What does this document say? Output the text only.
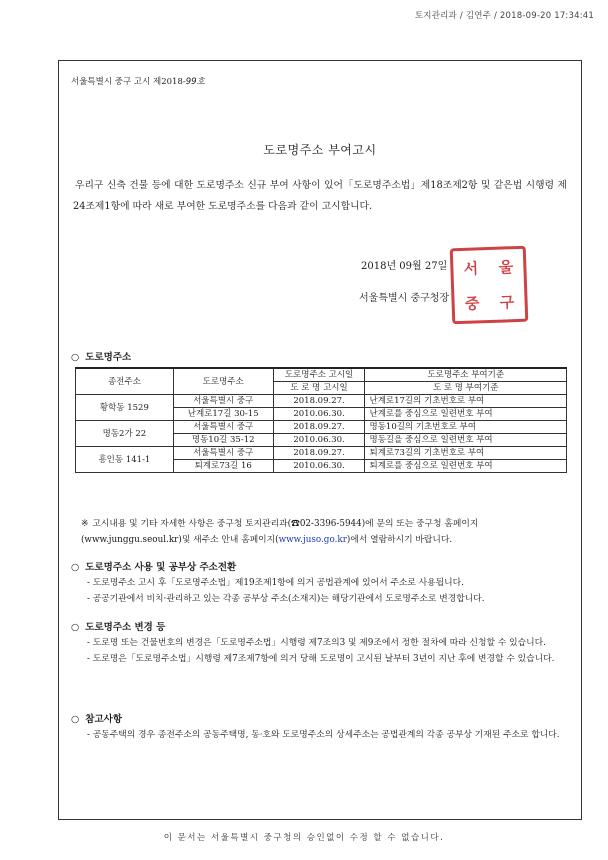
토지관리과 / 김연주 / 2018-09-20 17:34:41
서울특별시 중구 고시 제2018-99호
도로명주소 부여고시
우리구 신축 건물 등에 대한 도로명주소 신규 부여 사항이 있어「도로명주소법」제18조제2항 및 같은법 시행령 제24조제1항에 따라 새로 부여한 도로명주소를 다음과 같이 고시합니다.
2018년 09월 27일
서울특별시 중구청장
서 울
중 구
○ 도로명주소
종전주소	도로명주소	도로명주소 고시일	도로명주소 부여기준
		도 로 명 고시일	도 로 명 부여기준
황학동 1529	서울특별시 중구	2018.09.27.	난계로17길의 기초번호로 부여
	난계로17길 30-15	2010.06.30.	난계로를 중심으로 일련번호 부여
명동2가 22	서울특별시 중구	2018.09.27.	명동10길의 기초번호로 부여
	명동10길 35-12	2010.06.30.	명동길을 중심으로 일련번호 부여
흥인동 141-1	서울특별시 중구	2018.09.27.	퇴계로73길의 기초번호로 부여
	퇴계로73길 16	2010.06.30.	퇴계로를 중심으로 일련번호 부여
※ 고시내용 및 기타 자세한 사항은 중구청 토지관리과(☎02-3396-5944)에 문의 또는 중구청 홈페이지(www.junggu.seoul.kr)및 새주소 안내 홈페이지(www.juso.go.kr)에서 열람하시기 바랍니다.
○ 도로명주소 사용 및 공부상 주소전환
- 도로명주소 고시 후「도로명주소법」제19조제1항에 의거 공법관계에 있어서 주소로 사용됩니다.
- 공공기관에서 비치·관리하고 있는 각종 공부상 주소(소재지)는 해당기관에서 도로명주소로 변경합니다.
○ 도로명주소 변경 등
- 도로명 또는 건물번호의 변경은「도로명주소법」시행령 제7조의3 및 제9조에서 정한 절차에 따라 신청할 수 있습니다.
- 도로명은「도로명주소법」시행령 제7조제7항에 의거 당해 도로명이 고시된 날부터 3년이 지난 후에 변경할 수 있습니다.
○ 참고사항
- 공동주택의 경우 종전주소의 공동주택명, 동·호와 도로명주소의 상세주소는 공법관계의 각종 공부상 기재된 주소로 합니다.
이 문서는 서울특별시 중구청의 승인없이 수정 할 수 없습니다.
